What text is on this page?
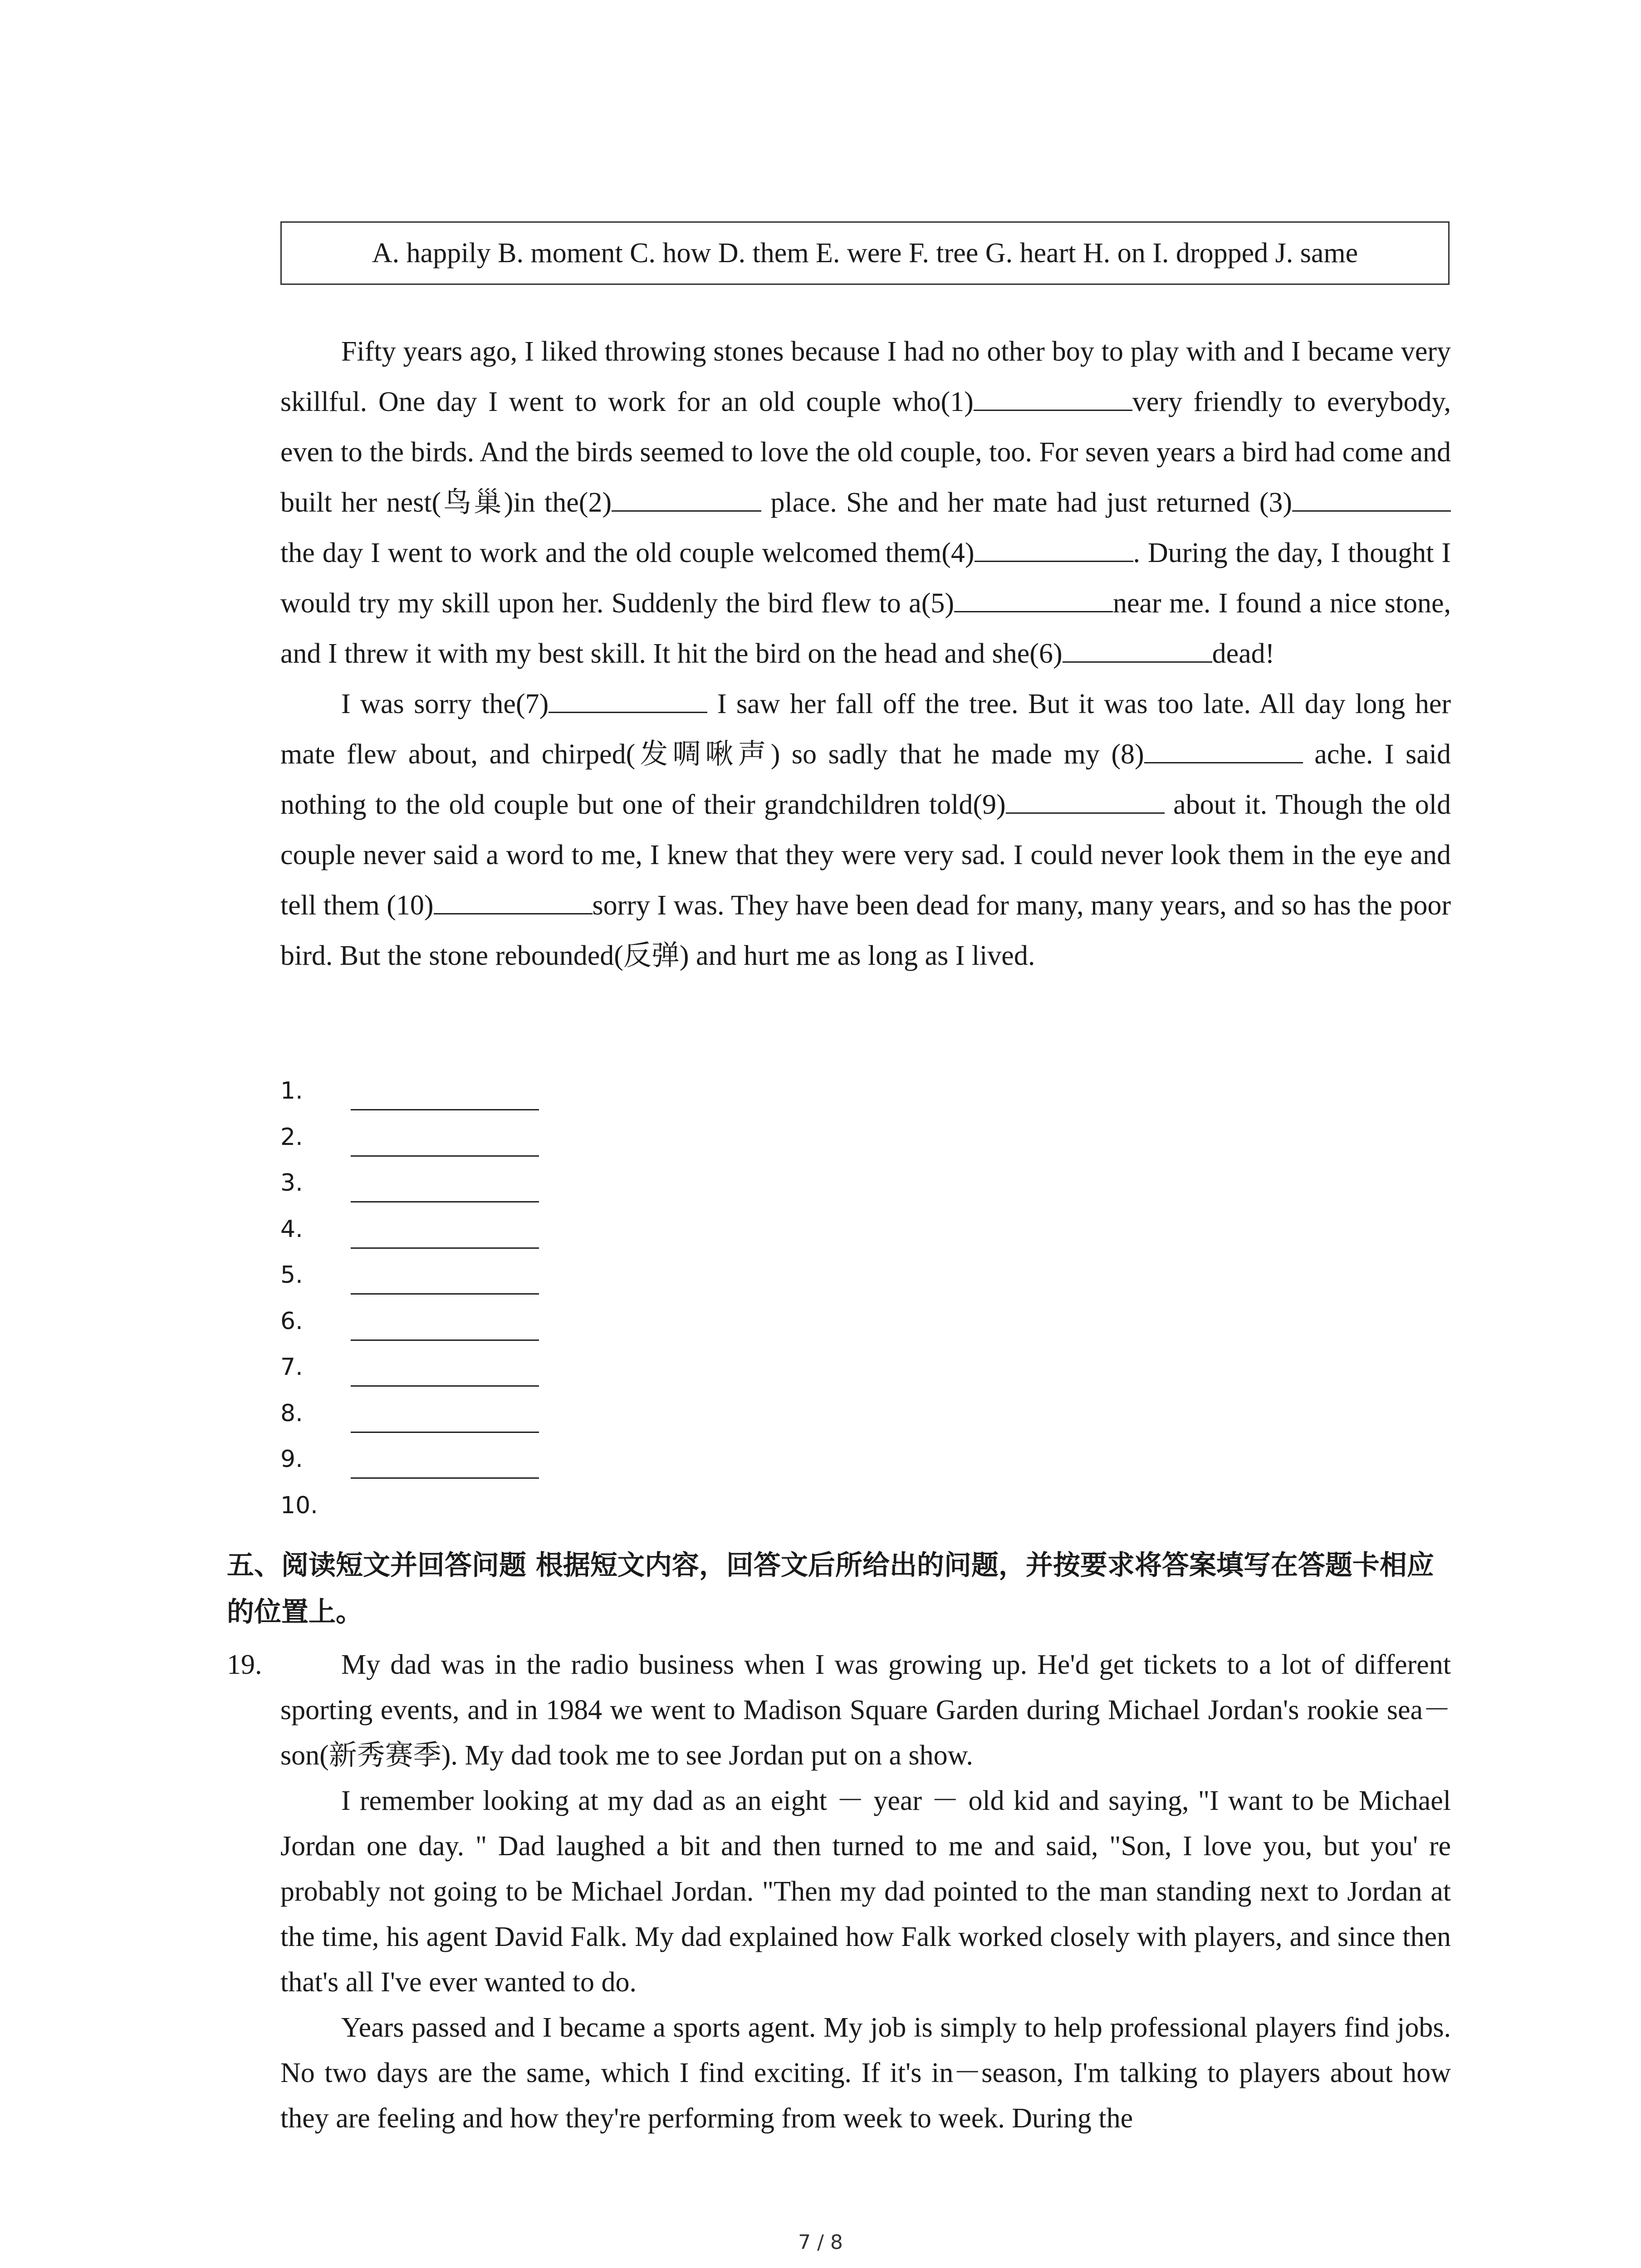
A. happily B. moment C. how D. them E. were F. tree G. heart H. on I. dropped J. same

Fifty years ago, I liked throwing stones because I had no other boy to play with and I became very skillful. One day I went to work for an old couple who(1)	very friendly to everybody, even to the birds. And the birds seemed to love the old couple, too. For seven years a bird had come and built her nest(鸟巢)in the(2)	place. She and her mate had just returned (3) the day I went to work and the old couple welcomed them(4)	. During the day, I thought I would try my skill upon her. Suddenly the bird flew to a(5)	near me. I found a nice stone, and I threw it with my best skill. It hit the bird on the head and she(6)	dead!

I was sorry the(7)	I saw her fall off the tree. But it was too late. All day long her mate flew about, and chirped(发啁啾声) so sadly that he made my (8)	ache. I said nothing to the old couple but one of their grandchildren told(9)	about it. Though the old couple never said a word to me, I knew that they were very sad. I could never look them in the eye and tell them (10)	sorry I was. They have been dead for many, many years, and so has the poor bird. But the stone rebounded(反弹) and hurt me as long as I lived.

1.
2.
3.
4.
5.
6.
7.
8.
9.
10.
五、阅读短文并回答问题 根据短文内容，回答文后所给出的问题，并按要求将答案填写在答题卡相应的位置上。
19.	My dad was in the radio business when I was growing up. He'd get tickets to a lot of different sporting events, and in 1984 we went to Madison Square Garden during Michael Jordan's rookie sea－ son(新秀赛季). My dad took me to see Jordan put on a show.

I remember looking at my dad as an eight － year － old kid and saying, "I want to be Michael Jordan one day. " Dad laughed a bit and then turned to me and said, "Son, I love you, but you' re probably not going to be Michael Jordan. "Then my dad pointed to the man standing next to Jordan at the time, his agent David Falk. My dad explained how Falk worked closely with players, and since then that's all I've ever wanted to do.

Years passed and I became a sports agent. My job is simply to help professional players find jobs. No two days are the same, which I find exciting. If it's in－season, I'm talking to players about how they are feeling and how they're performing from week to week. During the

7 / 8
